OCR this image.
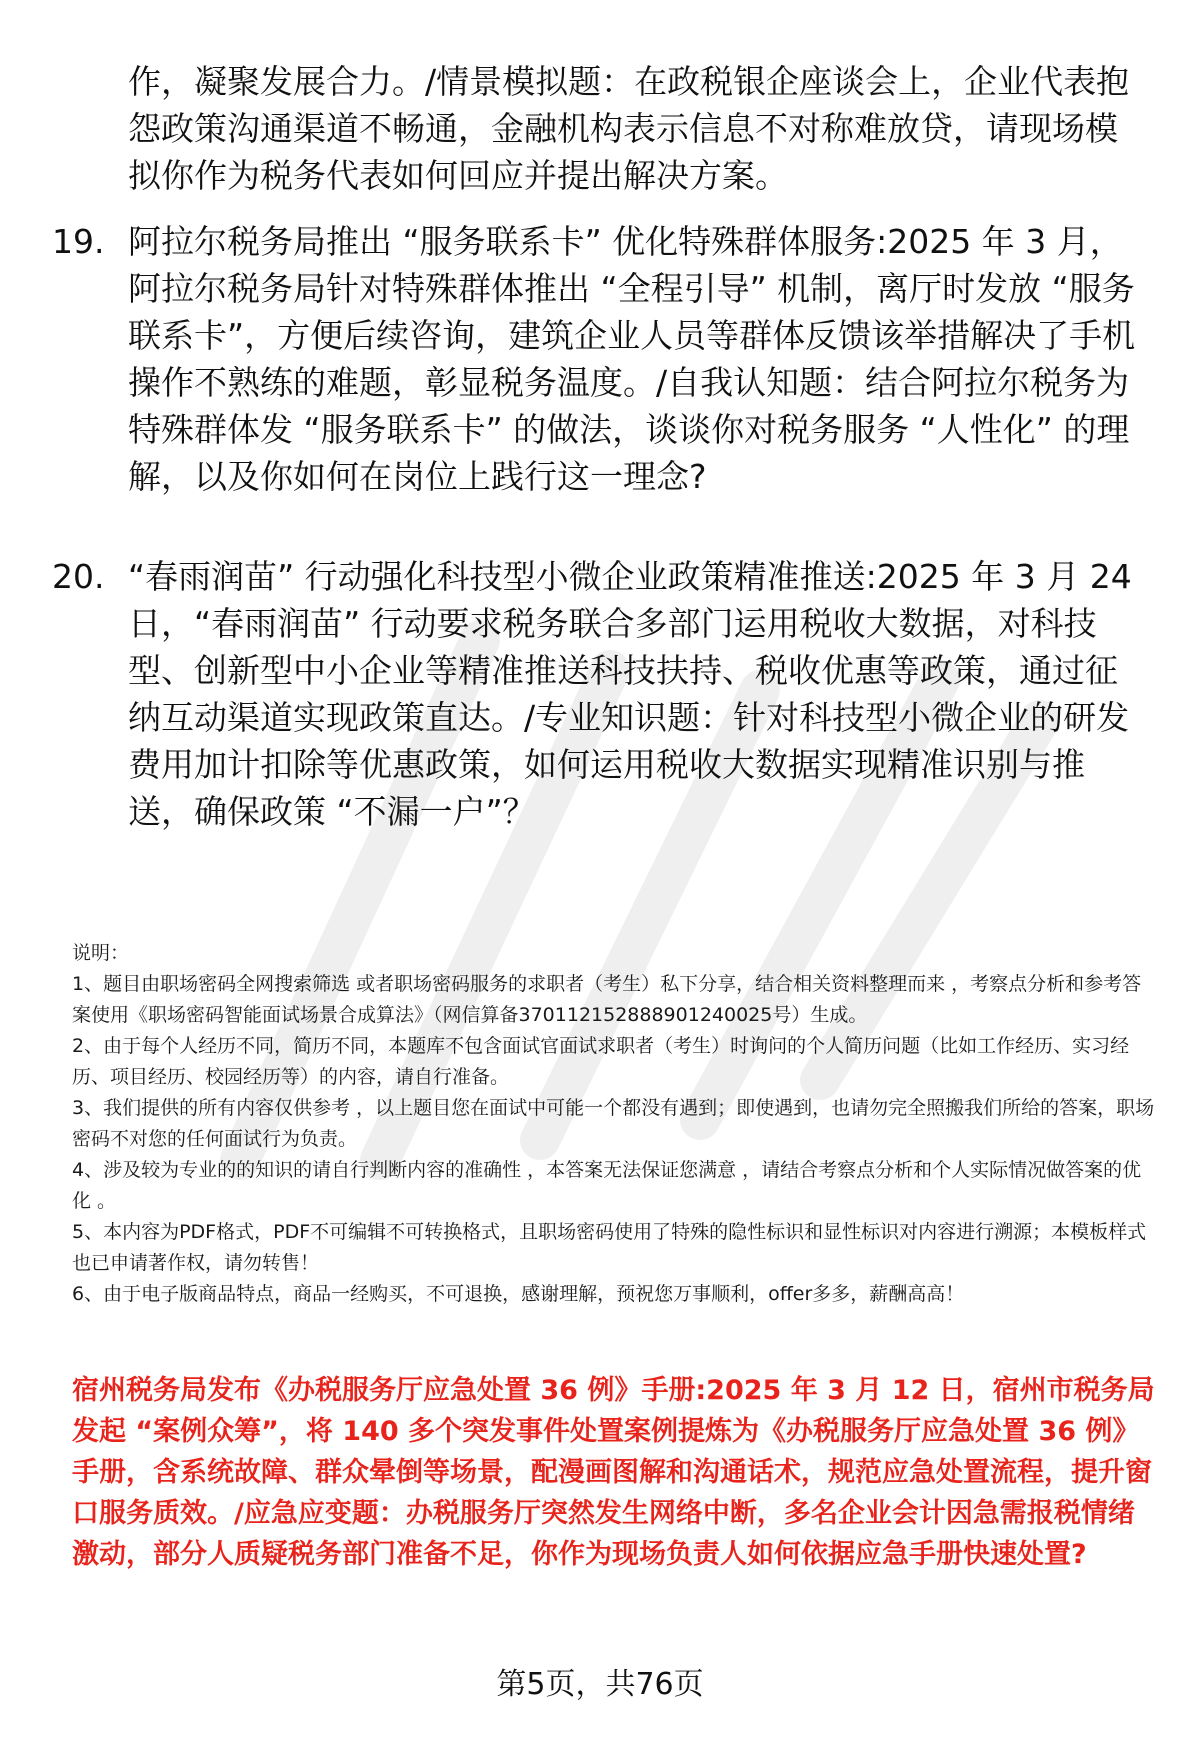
作，凝聚发展合力。/情景模拟题：在政税银企座谈会上，企业代表抱怨政策沟通渠道不畅通，金融机构表示信息不对称难放贷，请现场模拟你作为税务代表如何回应并提出解决方案。

19. 阿拉尔税务局推出 “服务联系卡” 优化特殊群体服务:2025 年 3 月，阿拉尔税务局针对特殊群体推出 “全程引导” 机制，离厅时发放 “服务联系卡”，方便后续咨询，建筑企业人员等群体反馈该举措解决了手机操作不熟练的难题，彰显税务温度。/自我认知题：结合阿拉尔税务为特殊群体发 “服务联系卡” 的做法，谈谈你对税务服务 “人性化” 的理解，以及你如何在岗位上践行这一理念?

20. “春雨润苗” 行动强化科技型小微企业政策精准推送:2025 年 3 月 24 日，“春雨润苗” 行动要求税务联合多部门运用税收大数据，对科技型、创新型中小企业等精准推送科技扶持、税收优惠等政策，通过征纳互动渠道实现政策直达。/专业知识题：针对科技型小微企业的研发费用加计扣除等优惠政策，如何运用税收大数据实现精准识别与推送，确保政策 “不漏一户”？

说明：

1、题目由职场密码全网搜索筛选 或者职场密码服务的求职者（考生）私下分享，结合相关资料整理而来 ，考察点分析和参考答案使用《职场密码智能面试场景合成算法》（网信算备370112152888901240025号）生成。

2、由于每个人经历不同，简历不同，本题库不包含面试官面试求职者（考生）时询问的个人简历问题（比如工作经历、实习经历、项目经历、校园经历等）的内容，请自行准备。

3、我们提供的所有内容仅供参考 ，以上题目您在面试中可能一个都没有遇到；即使遇到，也请勿完全照搬我们所给的答案，职场密码不对您的任何面试行为负责。

4、涉及较为专业的的知识的请自行判断内容的准确性 ，本答案无法保证您满意 ，请结合考察点分析和个人实际情况做答案的优化 。

5、本内容为PDF格式，PDF不可编辑不可转换格式，且职场密码使用了特殊的隐性标识和显性标识对内容进行溯源；本模板样式也已申请著作权，请勿转售！

6、由于电子版商品特点，商品一经购买，不可退换，感谢理解，预祝您万事顺利，offer多多，薪酬高高！

宿州税务局发布《办税服务厅应急处置 36 例》手册:2025 年 3 月 12 日，宿州市税务局发起 “案例众筹”，将 140 多个突发事件处置案例提炼为《办税服务厅应急处置 36 例》手册，含系统故障、群众晕倒等场景，配漫画图解和沟通话术，规范应急处置流程，提升窗口服务质效。/应急应变题：办税服务厅突然发生网络中断，多名企业会计因急需报税情绪激动，部分人质疑税务部门准备不足，你作为现场负责人如何依据应急手册快速处置?

第5页，共76页
